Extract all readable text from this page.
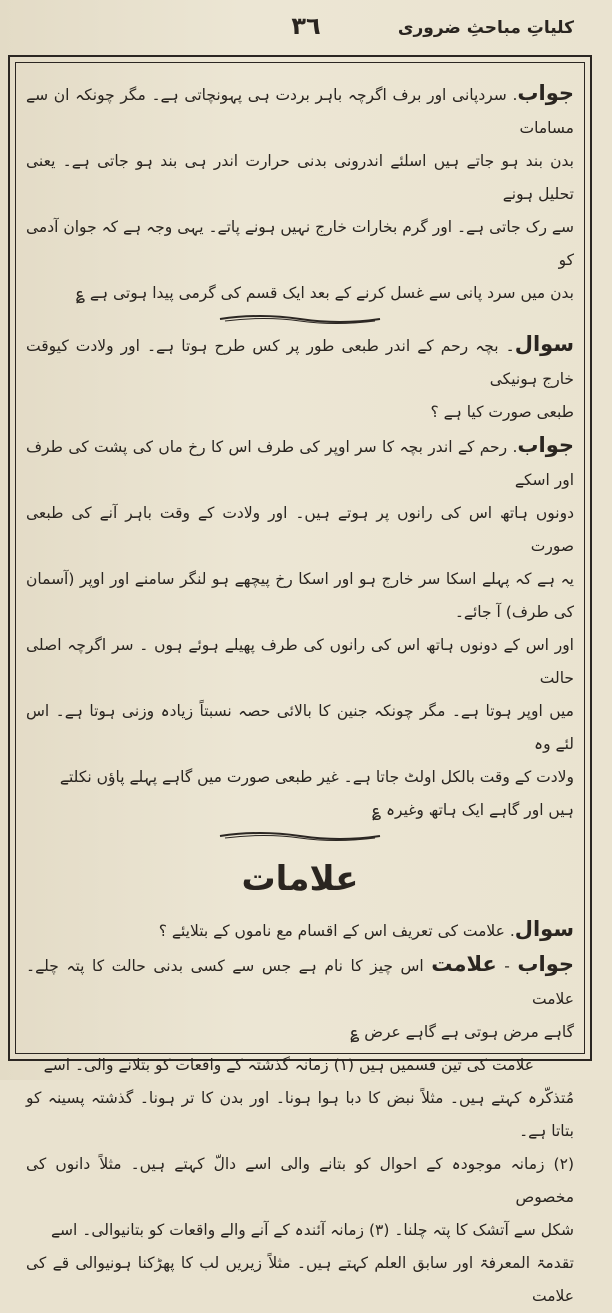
٣٦	کلیاتِ مباحثِ ضروری

جواب. سردپانی اور برف اگرچہ باہر بردت ہی پہونچاتی ہے۔ مگر چونکہ ان سے مسامات

بدن بند ہو جاتے ہیں اسلئے اندرونی بدنی حرارت اندر ہی بند ہو جاتی ہے۔ یعنی تحلیل ہونے

سے رک جاتی ہے۔ اور گرم بخارات خارج نہیں ہونے پاتے۔ یہی وجہ ہے کہ جوان آدمی کو

بدن میں سرد پانی سے غسل کرنے کے بعد ایک قسم کی گرمی پیدا ہوتی ہے ؏

سوال۔ بچہ رحم کے اندر طبعی طور پر کس طرح ہوتا ہے۔ اور ولادت کیوقت خارج ہونیکی

طبعی صورت کیا ہے ؟

جواب. رحم کے اندر بچہ کا سر اوپر کی طرف اس کا رخ ماں کی پشت کی طرف اور اسکے

دونوں ہاتھ اس کی رانوں پر ہوتے ہیں۔ اور ولادت کے وقت باہر آنے کی طبعی صورت

یہ ہے کہ پہلے اسکا سر خارج ہو اور اسکا رخ پیچھے ہو لنگر سامنے اور اوپر (آسمان کی طرف) آ جائے۔

اور اس کے دونوں ہاتھ اس کی رانوں کی طرف پھیلے ہوئے ہوں ۔ سر اگرچہ اصلی حالت

میں اوپر ہوتا ہے۔ مگر چونکہ جنین کا بالائی حصہ نسبتاً زیادہ وزنی ہوتا ہے۔ اس لئے وہ

ولادت کے وقت بالکل اولٹ جاتا ہے۔ غیر طبعی صورت میں گاہے پہلے پاؤں نکلتے

ہیں اور گاہے ایک ہاتھ وغیرہ ؏

علامات

سوال. علامت کی تعریف اس کے اقسام مع ناموں کے بتلایئے ؟

جواب - علامت اس چیز کا نام ہے جس سے کسی بدنی حالت کا پتہ چلے۔ علامت

گاہے مرض ہوتی ہے گاہے عرض ؏

علامت کی تین قسمیں ہیں (۱) زمانہ گذشتہ کے واقعات کو بتلانے والی۔ اسے

مُتذکّرہ کہتے ہیں۔ مثلاً نبض کا دبا ہوا ہونا۔ اور بدن کا تر ہونا۔ گذشتہ پسینہ کو بتاتا ہے۔

(۲) زمانہ موجودہ کے احوال کو بتانے والی اسے دالّ کہتے ہیں۔ مثلاً دانوں کی مخصوص

شکل سے آتشک کا پتہ چلنا۔ (۳) زمانہ آئندہ کے آنے والے واقعات کو بتانیوالی۔ اسے

تقدمۃ المعرفۃ اور سابق العلم کہتے ہیں۔ مثلاً زیریں لب کا پھڑکنا ہونیوالی قے کی علامت
